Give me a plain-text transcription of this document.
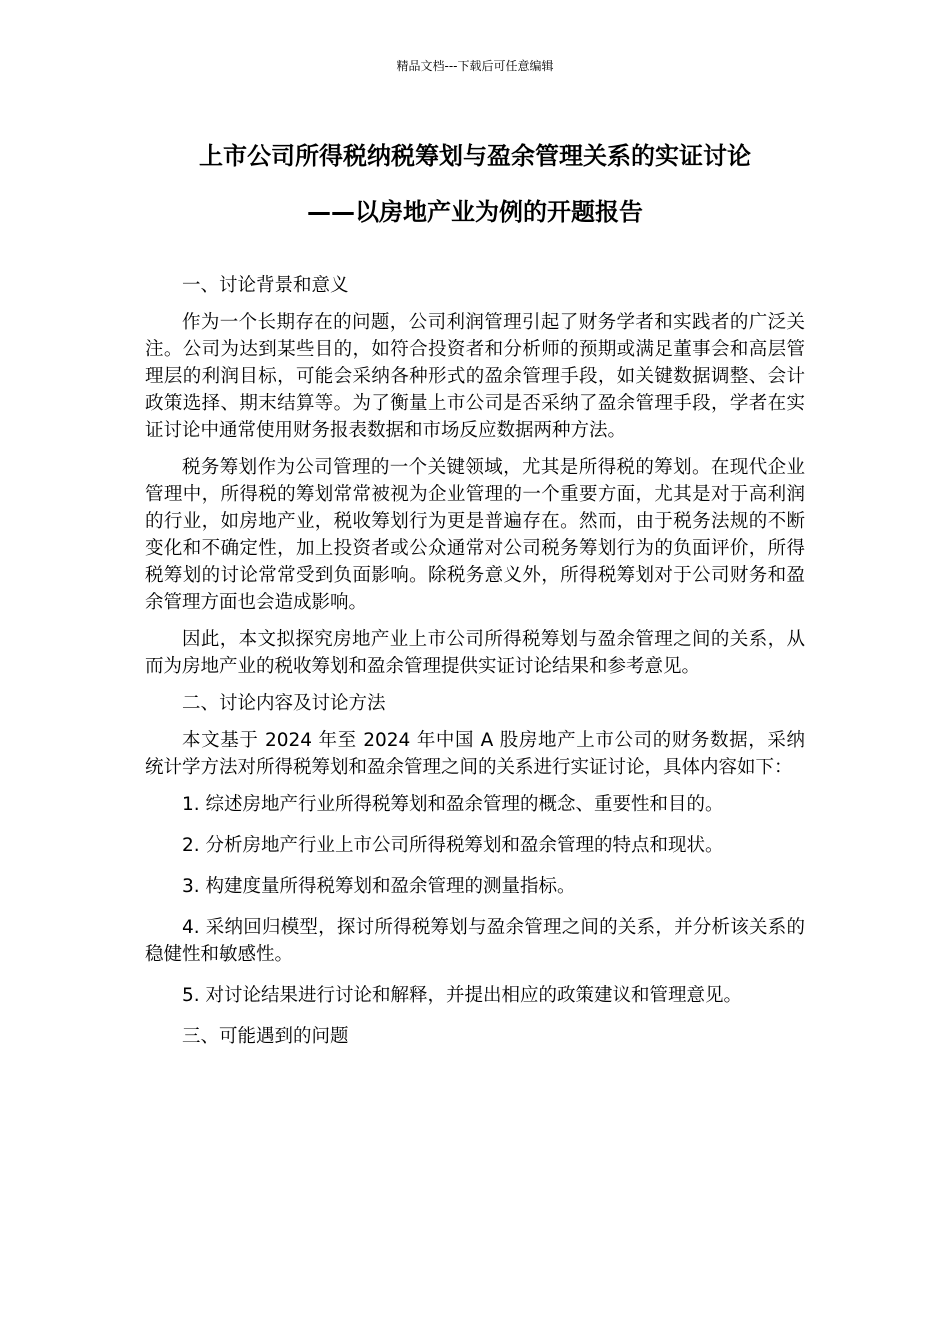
精品文档---下载后可任意编辑
上市公司所得税纳税筹划与盈余管理关系的实证讨论
——以房地产业为例的开题报告

一、讨论背景和意义

作为一个长期存在的问题，公司利润管理引起了财务学者和实践者的广泛关注。公司为达到某些目的，如符合投资者和分析师的预期或满足董事会和高层管理层的利润目标，可能会采纳各种形式的盈余管理手段，如关键数据调整、会计政策选择、期末结算等。为了衡量上市公司是否采纳了盈余管理手段，学者在实证讨论中通常使用财务报表数据和市场反应数据两种方法。

税务筹划作为公司管理的一个关键领域，尤其是所得税的筹划。在现代企业管理中，所得税的筹划常常被视为企业管理的一个重要方面，尤其是对于高利润的行业，如房地产业，税收筹划行为更是普遍存在。然而，由于税务法规的不断变化和不确定性，加上投资者或公众通常对公司税务筹划行为的负面评价，所得税筹划的讨论常常受到负面影响。除税务意义外，所得税筹划对于公司财务和盈余管理方面也会造成影响。

因此，本文拟探究房地产业上市公司所得税筹划与盈余管理之间的关系，从而为房地产业的税收筹划和盈余管理提供实证讨论结果和参考意见。

二、讨论内容及讨论方法

本文基于 2024 年至 2024 年中国 A 股房地产上市公司的财务数据，采纳统计学方法对所得税筹划和盈余管理之间的关系进行实证讨论，具体内容如下：

1. 综述房地产行业所得税筹划和盈余管理的概念、重要性和目的。

2. 分析房地产行业上市公司所得税筹划和盈余管理的特点和现状。

3. 构建度量所得税筹划和盈余管理的测量指标。

4. 采纳回归模型，探讨所得税筹划与盈余管理之间的关系，并分析该关系的稳健性和敏感性。

5. 对讨论结果进行讨论和解释，并提出相应的政策建议和管理意见。

三、可能遇到的问题
